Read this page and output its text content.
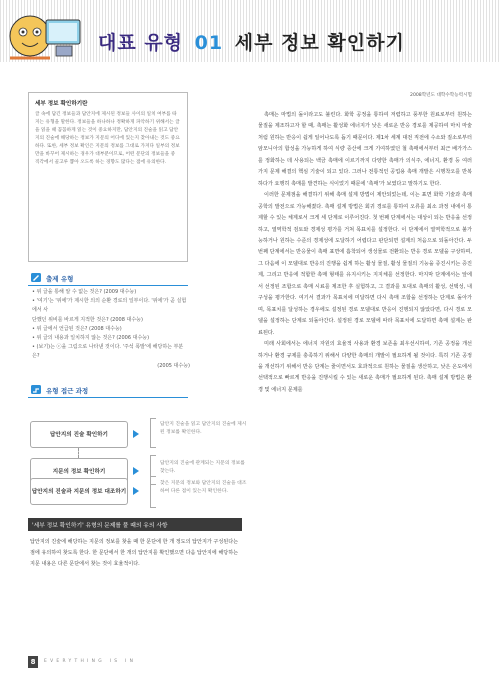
대표 유형 01 세부 정보 확인하기
세부 정보 확인하기란
글 속에 담긴 정보들과 답안지에 제시된 정보들 사이의 일치 여부를 따지는 유형을 말한다. 정보들을 하나하나 정확하게 파악하기 위해서는 글을 읽을 때 꼼꼼하게 읽는 것이 중요하지만, 답안지의 진술을 읽고 답안지의 진술에 해당하는 정보가 지문의 어디에 있는지 찾아내는 것도 중요하다. 또한, 세부 정보 확인은 지문의 정보를 그대로 가져다 일부의 정보만을 바꾸어 제시하는 경우가 대부분이므로, 어떤 문단의 정보들을 중 직각에서 골고루 뽑아 오도록 하는 경향도 많다는 점에 유의한다.
출제 유형
• 위 글을 통해 알 수 없는 것은? (2009 대수능)
• '여기'는 '위에'가 제시한 의의 순환 경로의 일부이다. '위에'가 곧 실험에서 사
단했던 위비를 바르게 지적한 것은? (2008 대수능)
• 위 글에서 언급된 것은? (2008 대수능)
• 위 글의 내용과 일치하지 않는 것은? (2006 대수능)
• (보기)는 ⓒ을 그림으로 나타낸 것이다. '주석 폭발'에 해당하는 부분은?
(2005 대수능)
유형 접근 과정
답안지의 진술 확인하기
답안지 진술을 읽고 답안지의 진술에 제시된 정보를 확인한다.
지문의 정보 확인하기
답안지의 진술에 관계되는 지문의 정보를 찾는다.
답안지의 진술과 지문의 정보 대조하기
찾은 지문의 정보와 답안지의 진술을 대조하여 다른 점이 있는지 확인한다.
'세부 정보 확인하기' 유형의 문제를 풀 때의 유의 사항
답안지의 진술에 해당하는 지문의 정보를 찾을 때 한 문단에 한 개 정도의 답안지가 구성된다는 점에 유의하여 찾도록 한다. 한 문단에서 한 개의 답안지를 확인했으면 다음 답안지에 해당하는 지문 내용은 다른 문단에서 찾는 것이 효율적이다.
2008학년도 대학수학능력시험

촉매는 마법의 돌이라고도 불린다. 화학 공정을 통하여 저렴하고 풍부한 원료로부터 원하는 물질을 제조하고자 할 때, 촉매는 활성화 에너지가 낮은 새로운 반응 경로를 제공하여 마치 마술처럼 원하는 반응이 쉽게 일어나도록 돕기 때문이다. 제1차 세계 대전 직전에 수소와 질소로부터 암모니아의 합성을 가능하게 하여 식량 증산에 크게 기여하였던 철 촉매에서부터 최근 배가가스를 정화하는 데 사용되는 백금 촉매에 이르기까지 다양한 촉매가 의식주, 에너지, 환경 등 여러 가지 문제 해결의 핵심 기술이 되고 있다. 그러나 전통적인 공업용 촉매 개발은 시행착오를 반복하다가 요행히 촉매를 발견하는 식이었기 때문에 '촉매'가 보였다고 말하기도 한다.

이러한 문제점을 해결하기 위해 촉매 설계 방법이 제안되었는데, 이는 표면 화학 기술과 촉매 공학의 발전으로 가능해졌다. 촉매 설계 방법은 회귀 경로를 통하여 오류를 최소 과정 내에서 통제할 수 있는 체계로서 크게 세 단계로 이루어진다. 첫 번째 단계에서는 대상이 되는 반응을 선정하고, 열역학적 검토와 경제성 평가를 거쳐 목표치를 설정한다. 이 단계에서 열역학적으로 불가능하거나 원하는 수준의 경제성에 도달하기 어렵다고 판단되면 설계의 처음으로 되돌아간다. 두 번째 단계에서는 반응물이 촉매 표면에 흡착되어 생성물로 전환되는 반응 경로 모델을 구상하며, 그 다음에 이 모델대로 반응의 진행을 쉽게 하는 활성 물질, 활성 물질의 기능을 증진시키는 증진제, 그리고 반응에 적합한 촉매 형태를 유지시키는 지지체를 선정한다. 마지막 단계에서는 앞에서 선정된 조합으로 촉매 시료를 제조한 후 실험하고, 그 결과를 토대로 촉매의 활성, 선택성, 내구성을 평가한다. 여기서 결과가 목표치에 미달하면 다시 촉매 조합을 선정하는 단계로 돌아가며, 목표치를 달성하는 경우에도 설정된 경로 모델대로 반응이 진행되지 않았다면, 다시 경로 모델을 설정하는 단계로 되돌아간다. 설정된 경로 모델에 따라 목표치에 도달하면 촉매 설계는 완료된다.

미래 사회에서는 에너지 자원의 효율적 사용과 환경 보존을 최우선시하여, 기존 공정을 개선하거나 환경 규제를 충족하기 위해서 다양한 촉매의 개발이 필요하게 될 것이다. 특히 기존 공정을 개선하기 위해서 반응 단계는 줄이면서도 효과적으로 원하는 물질을 생산하고, 낮은 온도에서 선택적으로 빠르게 반응을 진행시킬 수 있는 새로운 촉매가 필요하게 된다. 촉매 설계 방법은 환경 및 에너지 문제를

8	EVERYTHING IS IN
